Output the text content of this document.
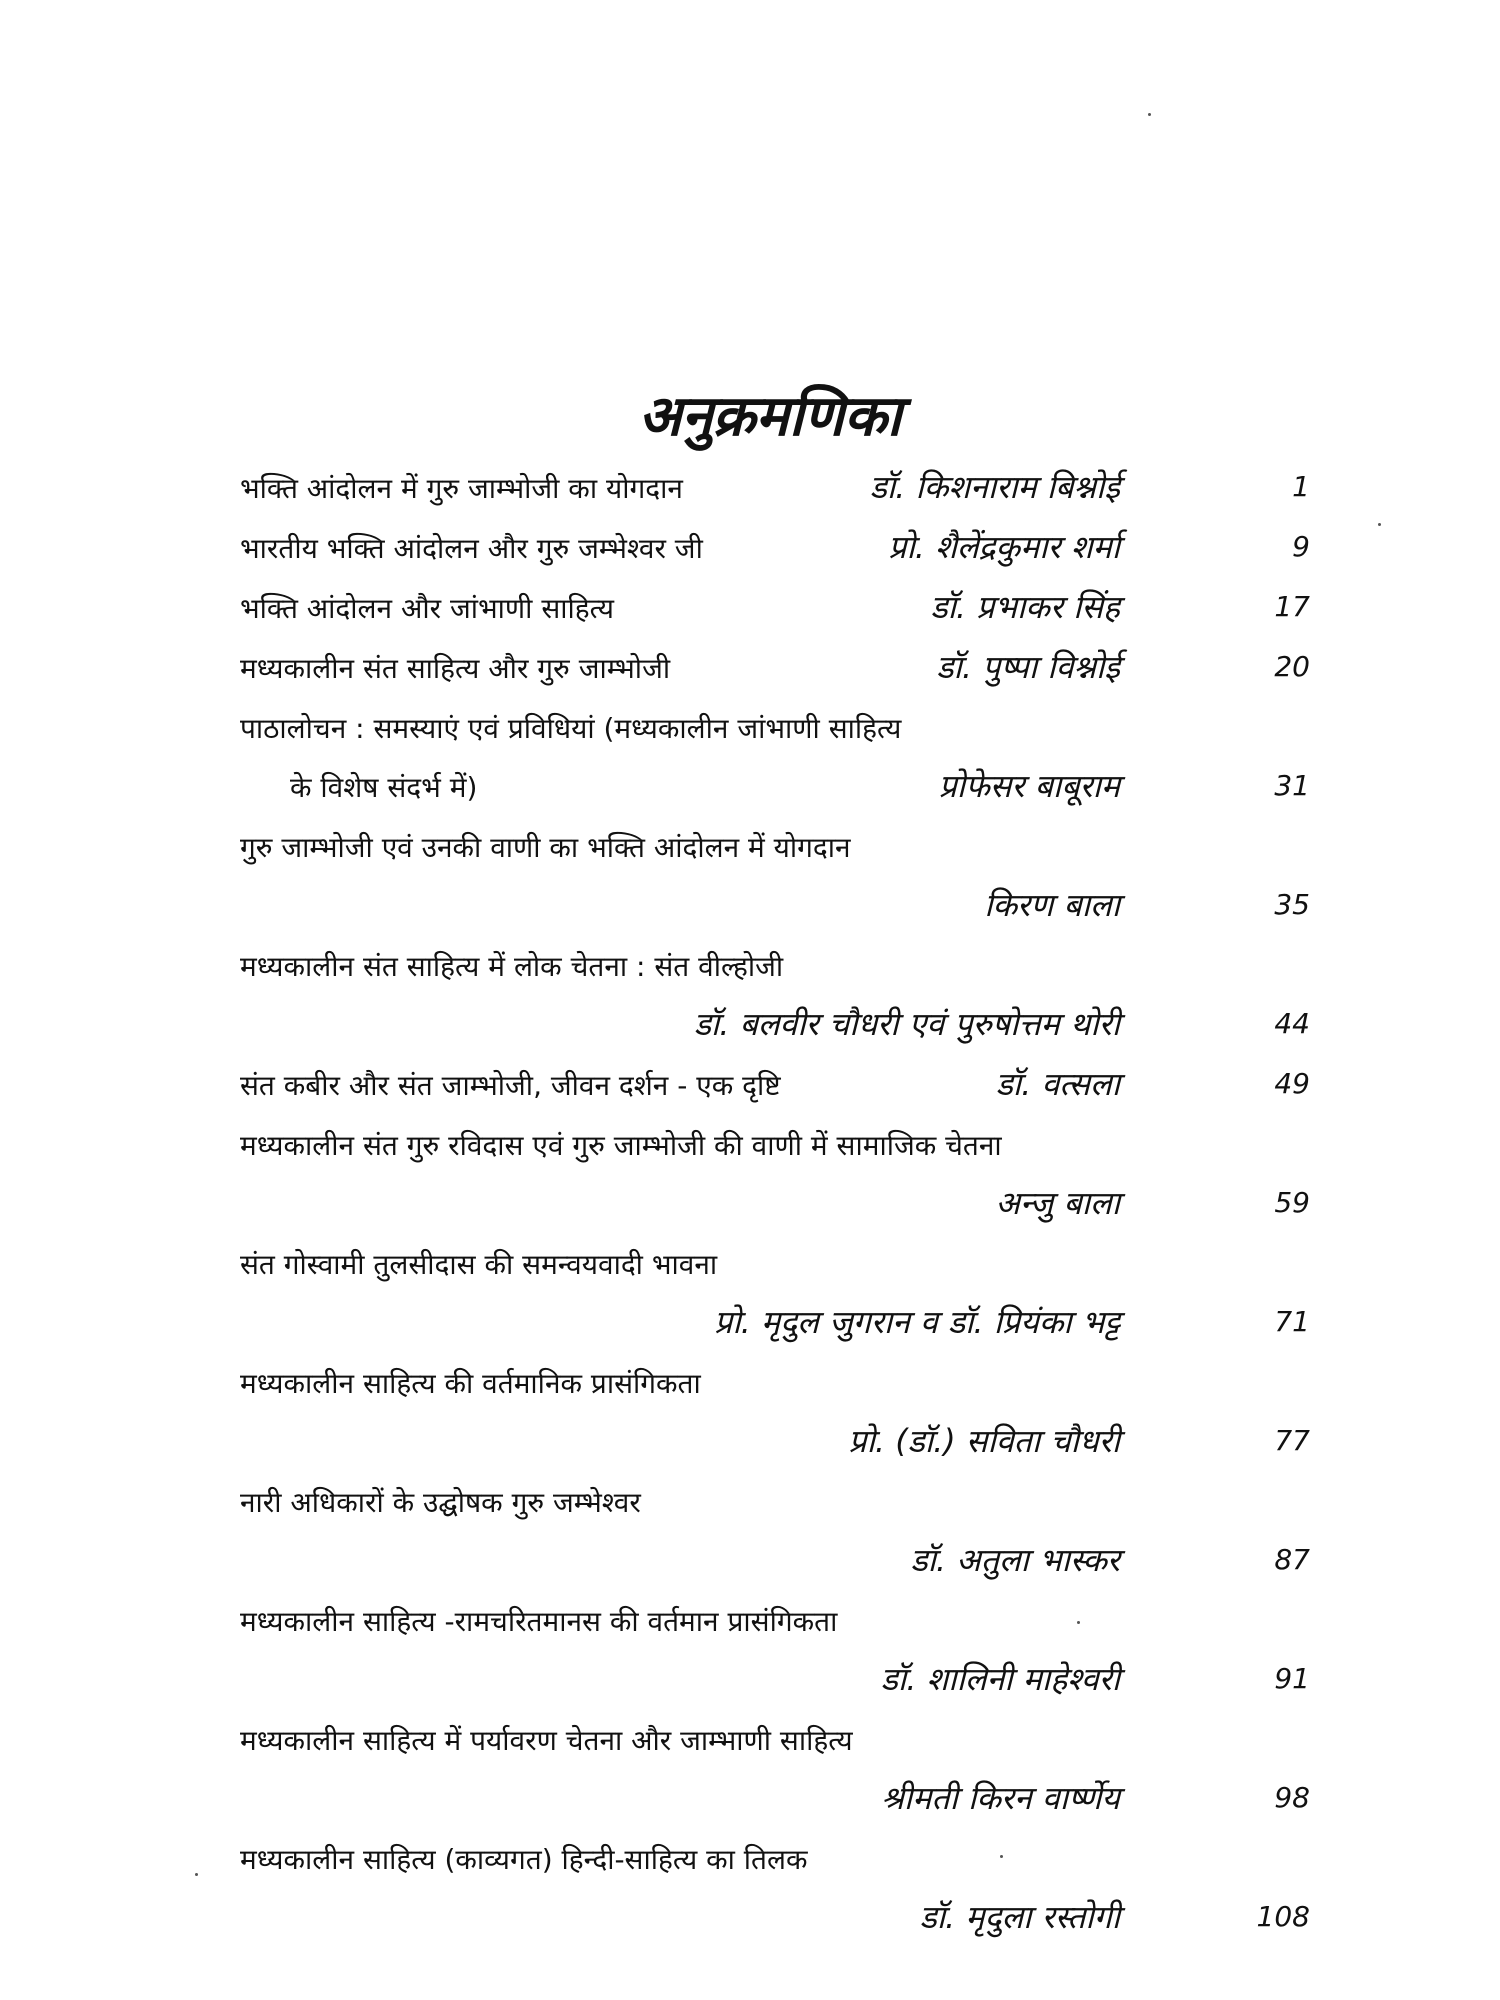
अनुक्रमणिका
भक्ति आंदोलन में गुरु जाम्भोजी का योगदान	डॉ. किशनाराम बिश्नोई	1
भारतीय भक्ति आंदोलन और गुरु जम्भेश्वर जी	प्रो. शैलेंद्रकुमार शर्मा	9
भक्ति आंदोलन और जांभाणी साहित्य	डॉ. प्रभाकर सिंह	17
मध्यकालीन संत साहित्य और गुरु जाम्भोजी	डॉ. पुष्पा विश्नोई	20
पाठालोचन : समस्याएं एवं प्रविधियां (मध्यकालीन जांभाणी साहित्य
के विशेष संदर्भ में)	प्रोफेसर बाबूराम	31
गुरु जाम्भोजी एवं उनकी वाणी का भक्ति आंदोलन में योगदान
किरण बाला	35
मध्यकालीन संत साहित्य में लोक चेतना : संत वील्होजी
डॉ. बलवीर चौधरी एवं पुरुषोत्तम थोरी	44
संत कबीर और संत जाम्भोजी, जीवन दर्शन - एक दृष्टि	डॉ. वत्सला	49
मध्यकालीन संत गुरु रविदास एवं गुरु जाम्भोजी की वाणी में सामाजिक चेतना
अन्जु बाला	59
संत गोस्वामी तुलसीदास की समन्वयवादी भावना
प्रो. मृदुल जुगरान व डॉ. प्रियंका भट्ट	71
मध्यकालीन साहित्य की वर्तमानिक प्रासंगिकता
प्रो. (डॉ.) सविता चौधरी	77
नारी अधिकारों के उद्घोषक गुरु जम्भेश्वर
डॉ. अतुला भास्कर	87
मध्यकालीन साहित्य -रामचरितमानस की वर्तमान प्रासंगिकता
डॉ. शालिनी माहेश्वरी	91
मध्यकालीन साहित्य में पर्यावरण चेतना और जाम्भाणी साहित्य
श्रीमती किरन वार्ष्णेय	98
मध्यकालीन साहित्य (काव्यगत) हिन्दी-साहित्य का तिलक
डॉ. मृदुला रस्तोगी	108
